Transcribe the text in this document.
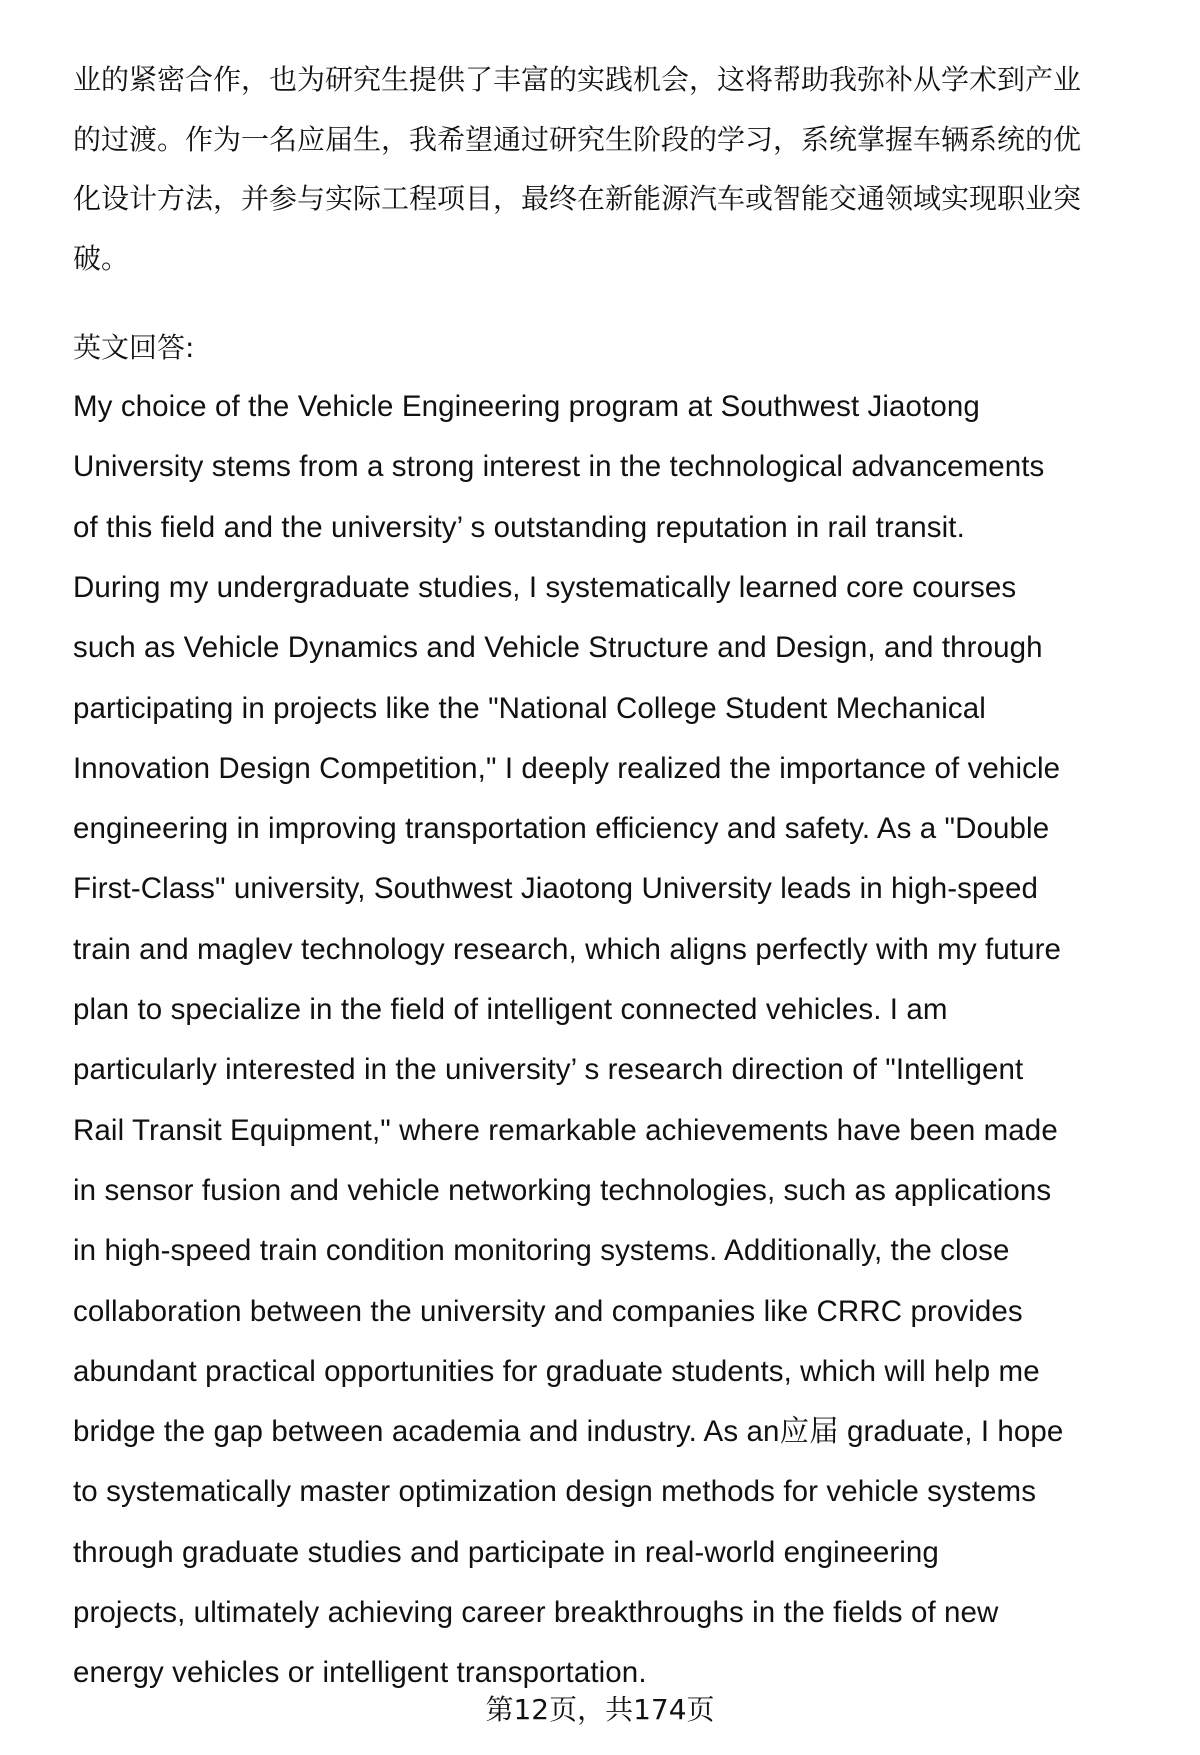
业的紧密合作，也为研究生提供了丰富的实践机会，这将帮助我弥补从学术到产业
的过渡。作为一名应届生，我希望通过研究生阶段的学习，系统掌握车辆系统的优
化设计方法，并参与实际工程项目，最终在新能源汽车或智能交通领域实现职业突
破。
英文回答:
My choice of the Vehicle Engineering program at Southwest Jiaotong
University stems from a strong interest in the technological advancements
of this field and the university’ s outstanding reputation in rail transit.
During my undergraduate studies, I systematically learned core courses
such as Vehicle Dynamics and Vehicle Structure and Design, and through
participating in projects like the "National College Student Mechanical
Innovation Design Competition," I deeply realized the importance of vehicle
engineering in improving transportation efficiency and safety. As a "Double
First-Class" university, Southwest Jiaotong University leads in high-speed
train and maglev technology research, which aligns perfectly with my future
plan to specialize in the field of intelligent connected vehicles. I am
particularly interested in the university’ s research direction of "Intelligent
Rail Transit Equipment," where remarkable achievements have been made
in sensor fusion and vehicle networking technologies, such as applications
in high-speed train condition monitoring systems. Additionally, the close
collaboration between the university and companies like CRRC provides
abundant practical opportunities for graduate students, which will help me
bridge the gap between academia and industry. As an应届 graduate, I hope
to systematically master optimization design methods for vehicle systems
through graduate studies and participate in real-world engineering
projects, ultimately achieving career breakthroughs in the fields of new
energy vehicles or intelligent transportation.
第12页，共174页
